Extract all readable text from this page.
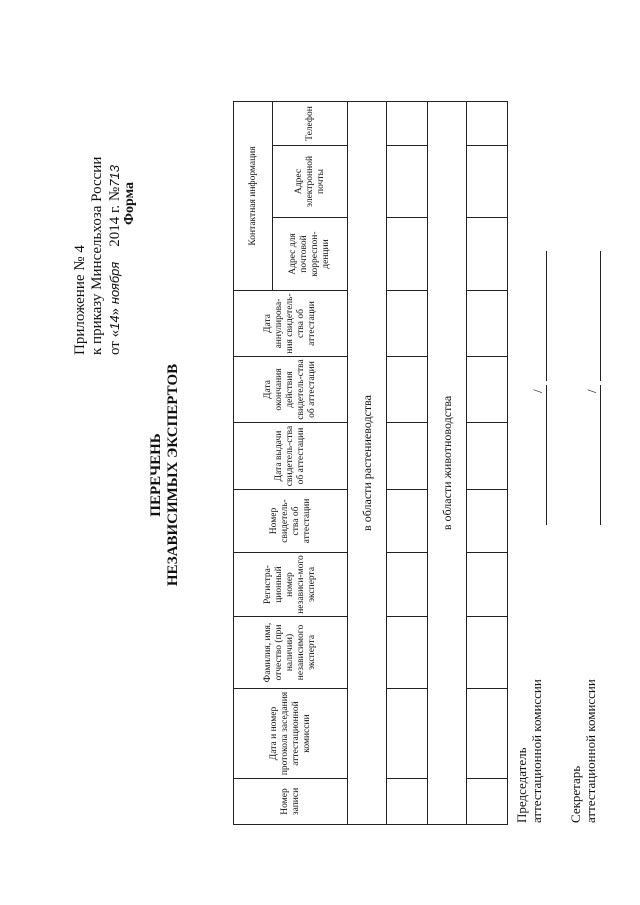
Приложение № 4 к приказу Минсельхоза России от «14» ноября    2014 г. №713
Форма
ПЕРЕЧЕНЬ НЕЗАВИСИМЫХ ЭКСПЕРТОВ
Номер записи	Дата и номер протокола заседания аттестационной комиссии	Фамилия, имя, отчество (при наличии) независимого эксперта	Регистра-ционный номер независи-мого эксперта	Номер свидетель-ства об аттестации	Дата выдачи свидетель-ства об аттестации	Дата окончания действия свидетель-ства об аттестации	Дата аннулирова-ния свидетель-ства об аттестации	Контактная информация		
								Адрес для почтовой корреспон-денции	Адрес электронной почты	Телефон
в области растениеводства										

в области животноводства										

Председатель аттестационной комиссии
/
Секретарь аттестационной комиссии
/
